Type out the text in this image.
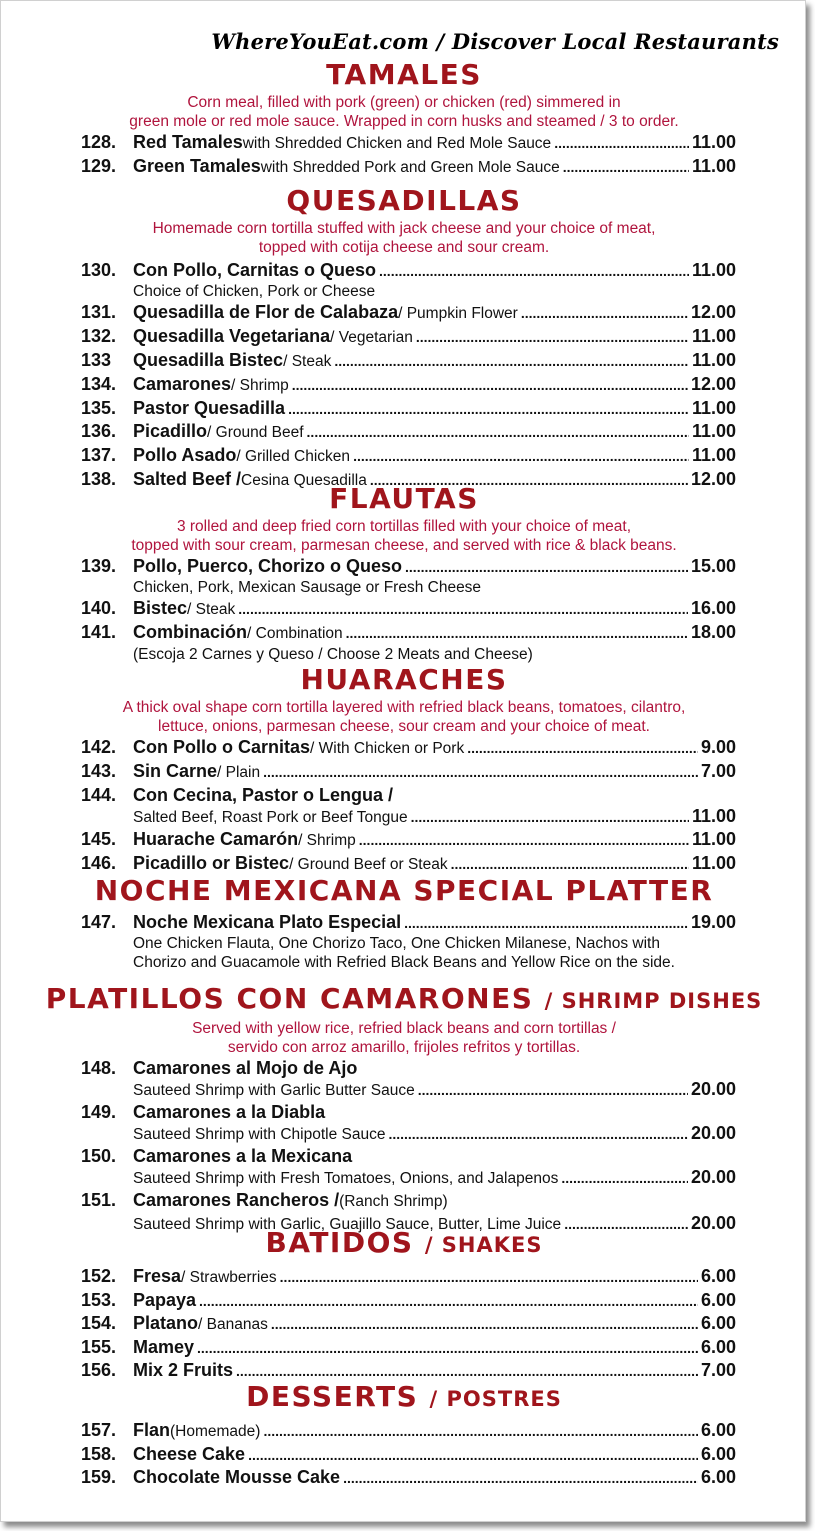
WhereYouEat.com / Discover Local Restaurants
TAMALES
Corn meal, filled with pork (green) or chicken (red) simmered in
green mole or red mole sauce. Wrapped in corn husks and steamed / 3 to order.
128. Red Tamales with Shredded Chicken and Red Mole Sauce .....	11.00
129. Green Tamales with Shredded Pork and Green Mole Sauce .....	11.00
QUESADILLAS
Homemade corn tortilla stuffed with jack cheese and your choice of meat,
topped with cotija cheese and sour cream.
130. Con Pollo, Carnitas o Queso .....	11.00
Choice of Chicken, Pork or Cheese
131. Quesadilla de Flor de Calabaza / Pumpkin Flower .....	12.00
132. Quesadilla Vegetariana / Vegetarian .....	11.00
133	Quesadilla Bistec / Steak .....	11.00
134. Camarones / Shrimp .....	12.00
135. Pastor Quesadilla .....	11.00
136. Picadillo / Ground Beef .....	11.00
137. Pollo Asado / Grilled Chicken .....	11.00
138. Salted Beef / Cesina Quesadilla .....	12.00
FLAUTAS
3 rolled and deep fried corn tortillas filled with your choice of meat,
topped with sour cream, parmesan cheese, and served with rice & black beans.
139. Pollo, Puerco, Chorizo o Queso .....	15.00
Chicken, Pork, Mexican Sausage or Fresh Cheese
140. Bistec / Steak .....	16.00
141. Combinación / Combination .....	18.00
(Escoja 2 Carnes y Queso / Choose 2 Meats and Cheese)
HUARACHES
A thick oval shape corn tortilla layered with refried black beans, tomatoes, cilantro,
lettuce, onions, parmesan cheese, sour cream and your choice of meat.
142. Con Pollo o Carnitas / With Chicken or Pork .....	9.00
143. Sin Carne / Plain .....	7.00
144. Con Cecina, Pastor o Lengua /
Salted Beef, Roast Pork or Beef Tongue .....	11.00
145. Huarache Camarón / Shrimp .....	11.00
146. Picadillo or Bistec / Ground Beef or Steak .....	11.00
NOCHE MEXICANA SPECIAL PLATTER
147. Noche Mexicana Plato Especial .....	19.00
One Chicken Flauta, One Chorizo Taco, One Chicken Milanese, Nachos with
Chorizo and Guacamole with Refried Black Beans and Yellow Rice on the side.
PLATILLOS CON CAMARONES / SHRIMP DISHES
Served with yellow rice, refried black beans and corn tortillas /
servido con arroz amarillo, frijoles refritos y tortillas.
148. Camarones al Mojo de Ajo
Sauteed Shrimp with Garlic Butter Sauce .....	20.00
149. Camarones a la Diabla
Sauteed Shrimp with Chipotle Sauce .....	20.00
150. Camarones a la Mexicana
Sauteed Shrimp with Fresh Tomatoes, Onions, and Jalapenos .....	20.00
151. Camarones Rancheros / (Ranch Shrimp)
Sauteed Shrimp with Garlic, Guajillo Sauce, Butter, Lime Juice .....	20.00
BATIDOS / SHAKES
152. Fresa / Strawberries .....	6.00
153. Papaya .....	6.00
154. Platano / Bananas .....	6.00
155. Mamey .....	6.00
156. Mix 2 Fruits .....	7.00
DESSERTS / POSTRES
157. Flan (Homemade) .....	6.00
158. Cheese Cake .....	6.00
159. Chocolate Mousse Cake .....	6.00
